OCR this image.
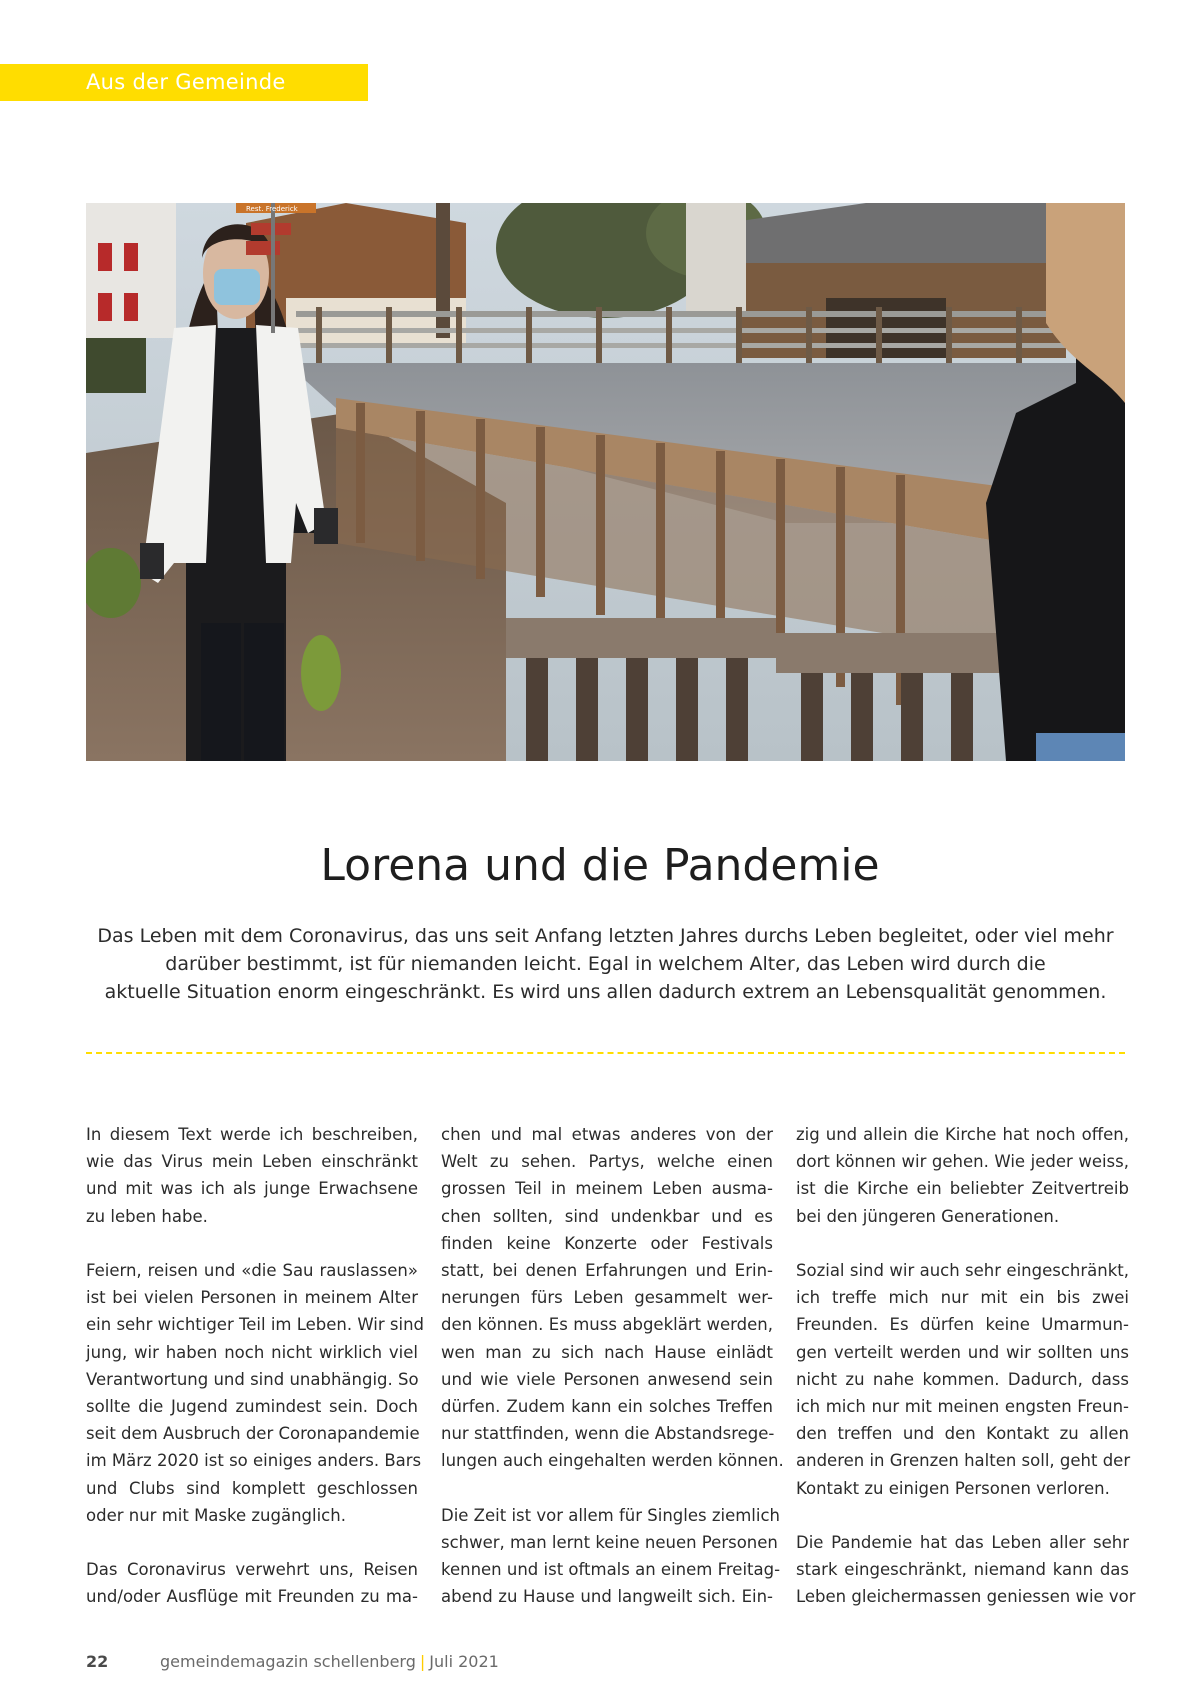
Aus der Gemeinde
Rest. Frederick
Lorena und die Pandemie
Das Leben mit dem Coronavirus, das uns seit Anfang letzten Jahres durchs Leben begleitet, oder viel mehr
darüber bestimmt, ist für niemanden leicht. Egal in welchem Alter, das Leben wird durch die
aktuelle Situation enorm eingeschränkt. Es wird uns allen dadurch extrem an Lebensqualität genommen.

In diesem Text werde ich beschreiben,
wie das Virus mein Leben einschränkt
und mit was ich als junge Erwachsene
zu leben habe.

Feiern, reisen und «die Sau rauslassen»
ist bei vielen Personen in meinem Alter
ein sehr wichtiger Teil im Leben. Wir sind
jung, wir haben noch nicht wirklich viel
Verantwortung und sind unabhängig. So
sollte die Jugend zumindest sein. Doch
seit dem Ausbruch der Coronapandemie
im März 2020 ist so einiges anders. Bars
und Clubs sind komplett geschlossen
oder nur mit Maske zugänglich.

Das Coronavirus verwehrt uns, Reisen
und/oder Ausflüge mit Freunden zu ma-

chen und mal etwas anderes von der
Welt zu sehen. Partys, welche einen
grossen Teil in meinem Leben ausma-
chen sollten, sind undenkbar und es
finden keine Konzerte oder Festivals
statt, bei denen Erfahrungen und Erin-
nerungen fürs Leben gesammelt wer-
den können. Es muss abgeklärt werden,
wen man zu sich nach Hause einlädt
und wie viele Personen anwesend sein
dürfen. Zudem kann ein solches Treffen
nur stattfinden, wenn die Abstandsrege-
lungen auch eingehalten werden können.

Die Zeit ist vor allem für Singles ziemlich
schwer, man lernt keine neuen Personen
kennen und ist oftmals an einem Freitag-
abend zu Hause und langweilt sich. Ein-

zig und allein die Kirche hat noch offen,
dort können wir gehen. Wie jeder weiss,
ist die Kirche ein beliebter Zeitvertreib
bei den jüngeren Generationen.

Sozial sind wir auch sehr eingeschränkt,
ich treffe mich nur mit ein bis zwei
Freunden. Es dürfen keine Umarmun-
gen verteilt werden und wir sollten uns
nicht zu nahe kommen. Dadurch, dass
ich mich nur mit meinen engsten Freun-
den treffen und den Kontakt zu allen
anderen in Grenzen halten soll, geht der
Kontakt zu einigen Personen verloren.

Die Pandemie hat das Leben aller sehr
stark eingeschränkt, niemand kann das
Leben gleichermassen geniessen wie vor

22	gemeindemagazin schellenberg | Juli 2021
